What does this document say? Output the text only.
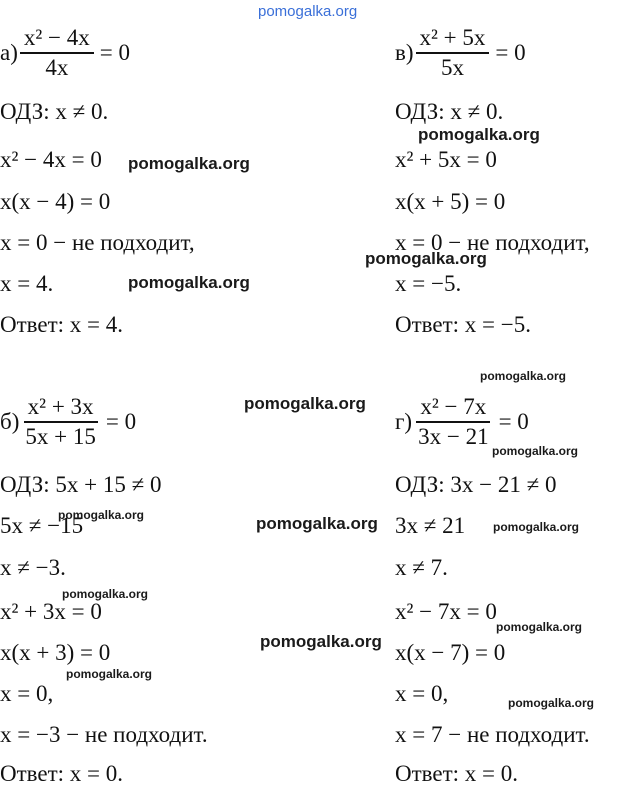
pomogalka.org
$а) \frac{\text{x² − 4x}}{4x} = 0$
ОДЗ: x ≠ 0.
x² − 4x = 0
x(x − 4) = 0
x = 0 − не подходит,
x = 4.
Ответ: x = 4.
$в) \frac{\text{x² + 5x}}{5x} = 0$
ОДЗ: x ≠ 0.
x² + 5x = 0
x(x + 5) = 0
x = 0 − не подходит,
x = −5.
Ответ: x = −5.
$б) \frac{\text{x² + 3x}}{5x + 15} = 0$
ОДЗ: 5x + 15 ≠ 0
5x ≠ −15
x ≠ −3.
x² + 3x = 0
x(x + 3) = 0
x = 0,
x = −3 − не подходит.
Ответ: x = 0.
$г) \frac{\text{x² − 7x}}{3x - 21} = 0$
ОДЗ: 3x − 21 ≠ 0
3x ≠ 21
x ≠ 7.
x² − 7x = 0
x(x − 7) = 0
x = 0,
x = 7 − не подходит.
Ответ: x = 0.
pomogalka.org
pomogalka.org
pomogalka.org
pomogalka.org
pomogalka.org
pomogalka.org
pomogalka.org
pomogalka.org	pomogalka.org	pomogalka.org
pomogalka.org
pomogalka.org
pomogalka.org
pomogalka.org
pomogalka.org
